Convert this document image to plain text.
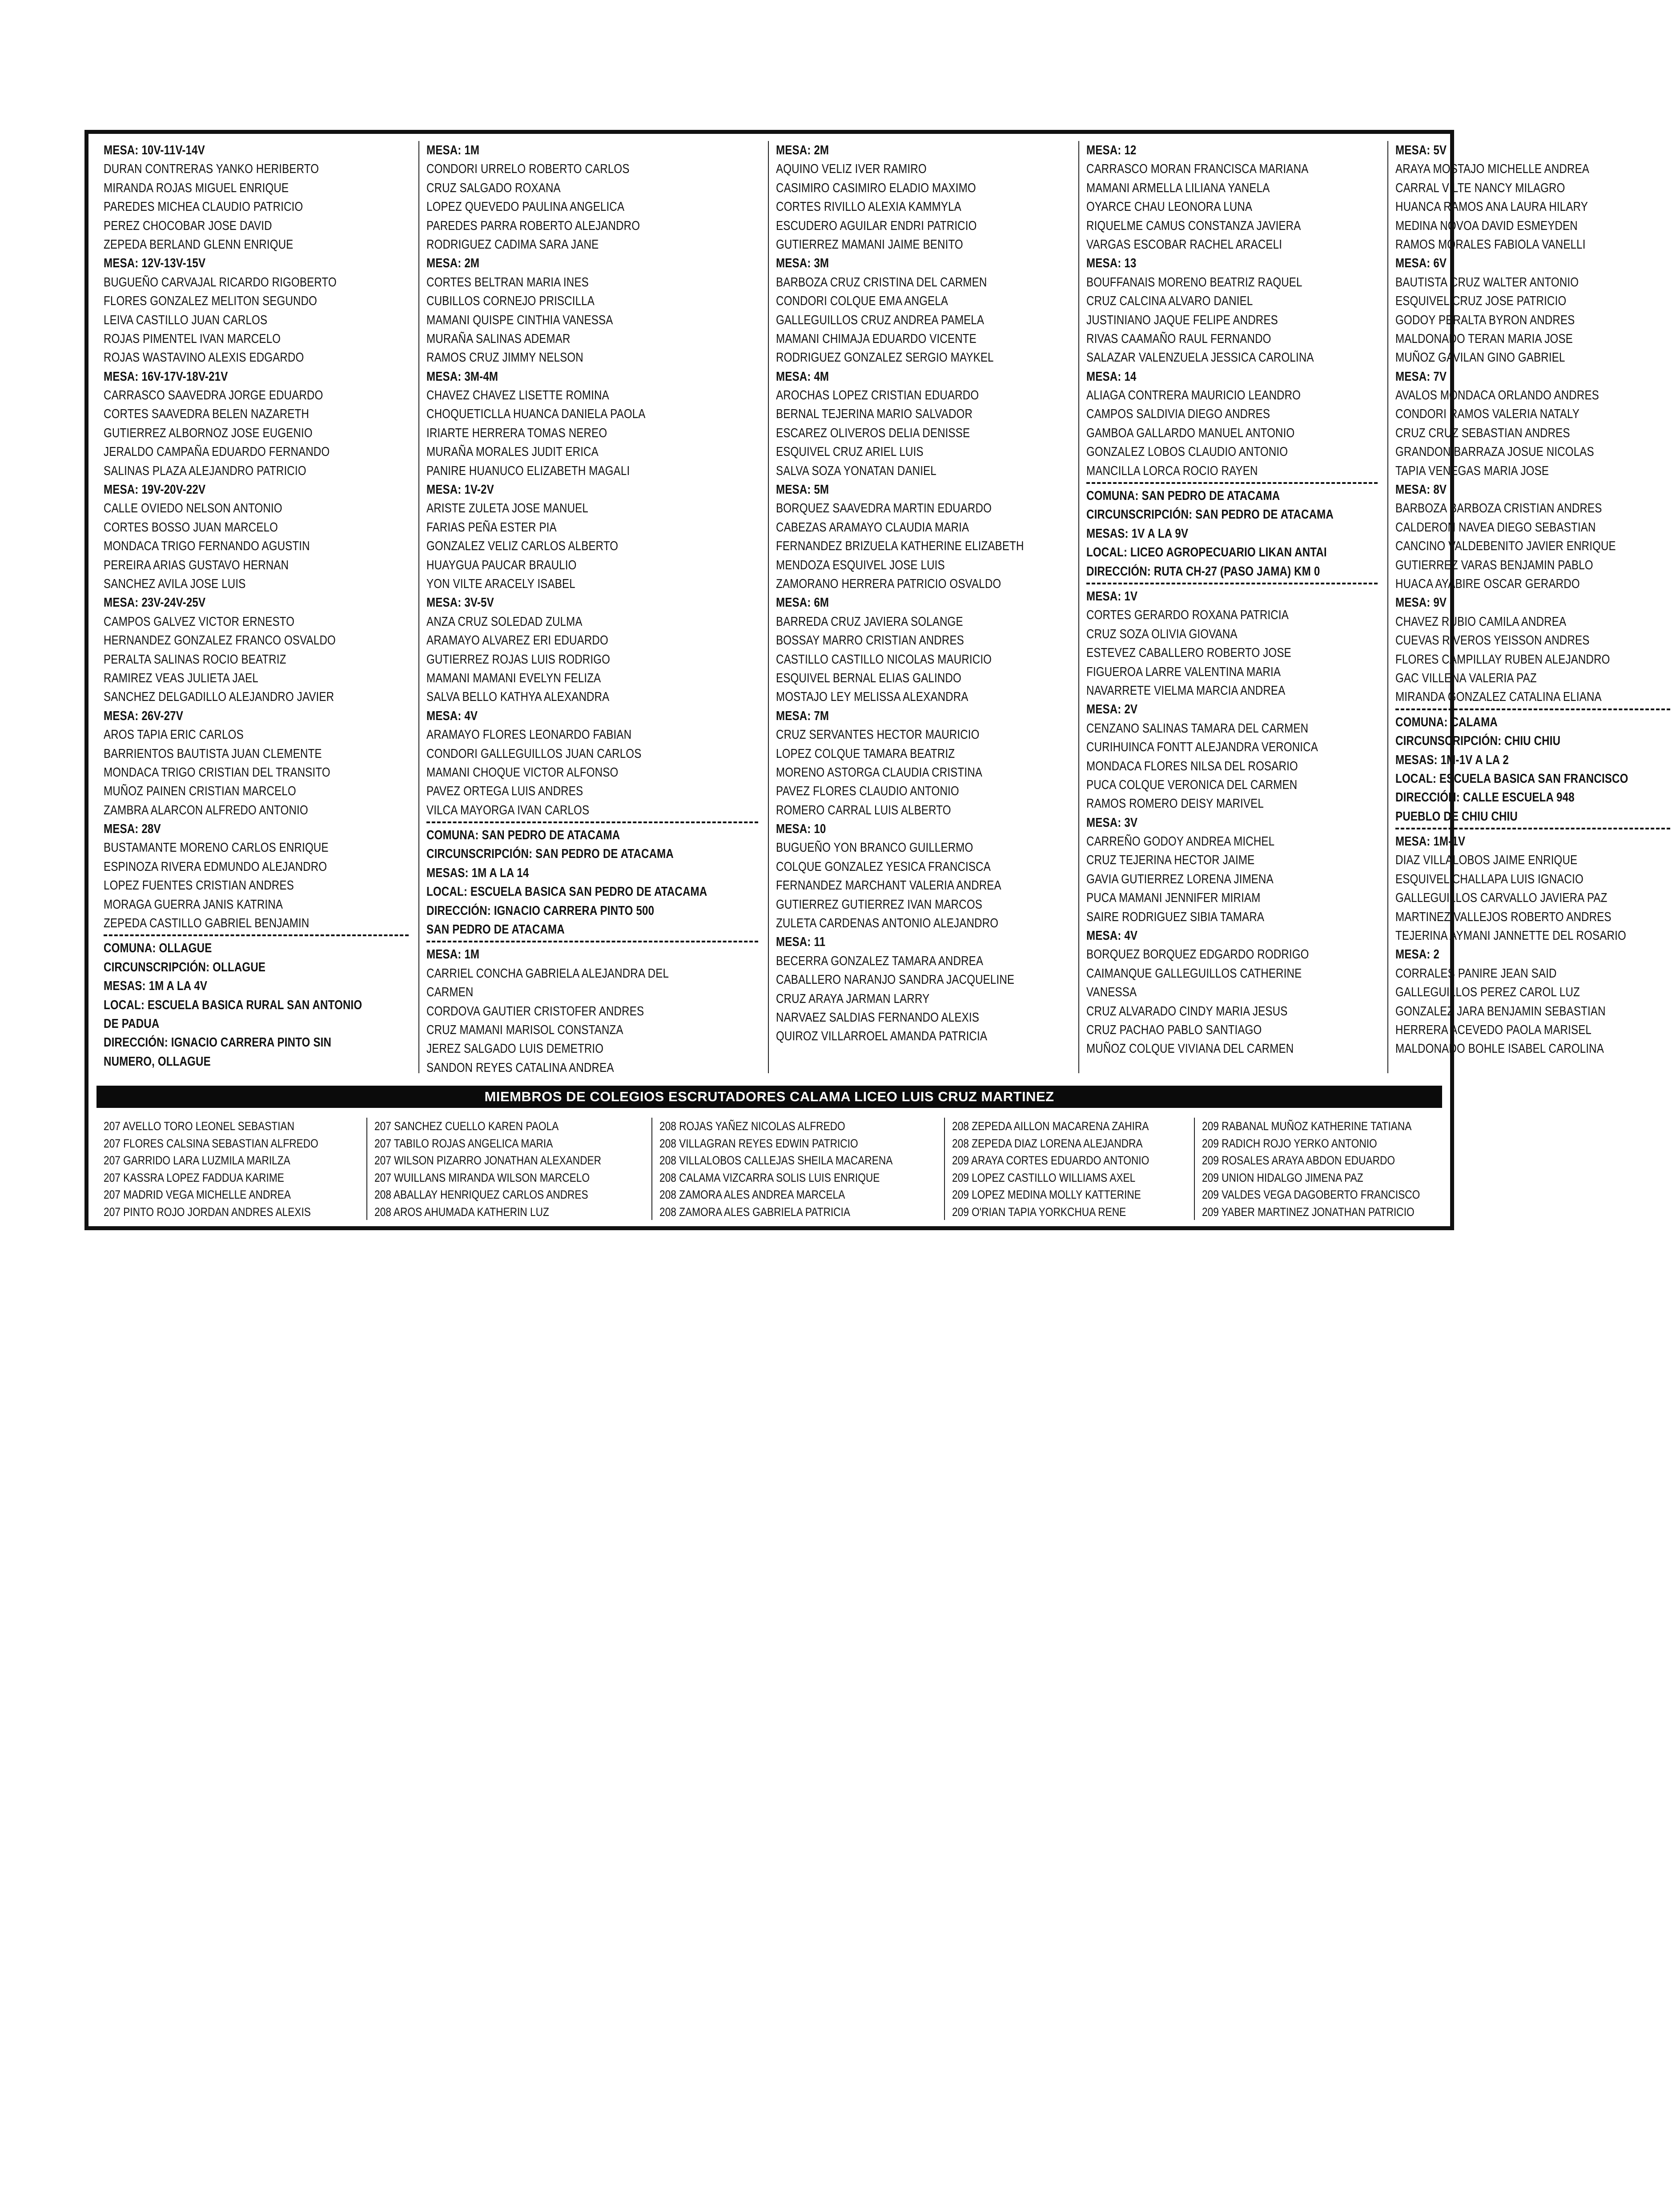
MESA: 10V-11V-14V
DURAN CONTRERAS YANKO HERIBERTO
MIRANDA ROJAS MIGUEL ENRIQUE
PAREDES MICHEA CLAUDIO PATRICIO
PEREZ CHOCOBAR JOSE DAVID
ZEPEDA BERLAND GLENN ENRIQUE
MESA: 12V-13V-15V
BUGUEÑO CARVAJAL RICARDO RIGOBERTO
FLORES GONZALEZ MELITON SEGUNDO
LEIVA CASTILLO JUAN CARLOS
ROJAS PIMENTEL IVAN MARCELO
ROJAS WASTAVINO ALEXIS EDGARDO
MESA: 16V-17V-18V-21V
CARRASCO SAAVEDRA JORGE EDUARDO
CORTES SAAVEDRA BELEN NAZARETH
GUTIERREZ ALBORNOZ JOSE EUGENIO
JERALDO CAMPAÑA EDUARDO FERNANDO
SALINAS PLAZA ALEJANDRO PATRICIO
MESA: 19V-20V-22V
CALLE OVIEDO NELSON ANTONIO
CORTES BOSSO JUAN MARCELO
MONDACA TRIGO FERNANDO AGUSTIN
PEREIRA ARIAS GUSTAVO HERNAN
SANCHEZ AVILA JOSE LUIS
MESA: 23V-24V-25V
CAMPOS GALVEZ VICTOR ERNESTO
HERNANDEZ GONZALEZ FRANCO OSVALDO
PERALTA SALINAS ROCIO BEATRIZ
RAMIREZ VEAS JULIETA JAEL
SANCHEZ DELGADILLO ALEJANDRO JAVIER
MESA: 26V-27V
AROS TAPIA ERIC CARLOS
BARRIENTOS BAUTISTA JUAN CLEMENTE
MONDACA TRIGO CRISTIAN DEL TRANSITO
MUÑOZ PAINEN CRISTIAN MARCELO
ZAMBRA ALARCON ALFREDO ANTONIO
MESA: 28V
BUSTAMANTE MORENO CARLOS ENRIQUE
ESPINOZA RIVERA EDMUNDO ALEJANDRO
LOPEZ FUENTES CRISTIAN ANDRES
MORAGA GUERRA JANIS KATRINA
ZEPEDA CASTILLO GABRIEL BENJAMIN
COMUNA: OLLAGUE
CIRCUNSCRIPCIÓN: OLLAGUE
MESAS: 1M A LA 4V
LOCAL: ESCUELA BASICA RURAL SAN ANTONIO
DE PADUA
DIRECCIÓN: IGNACIO CARRERA PINTO SIN
NUMERO, OLLAGUE
MESA: 1M
CONDORI URRELO ROBERTO CARLOS
CRUZ SALGADO ROXANA
LOPEZ QUEVEDO PAULINA ANGELICA
PAREDES PARRA ROBERTO ALEJANDRO
RODRIGUEZ CADIMA SARA JANE
MESA: 2M
CORTES BELTRAN MARIA INES
CUBILLOS CORNEJO PRISCILLA
MAMANI QUISPE CINTHIA VANESSA
MURAÑA SALINAS ADEMAR
RAMOS CRUZ JIMMY NELSON
MESA: 3M-4M
CHAVEZ CHAVEZ LISETTE ROMINA
CHOQUETICLLA HUANCA DANIELA PAOLA
IRIARTE HERRERA TOMAS NEREO
MURAÑA MORALES JUDIT ERICA
PANIRE HUANUCO ELIZABETH MAGALI
MESA: 1V-2V
ARISTE ZULETA JOSE MANUEL
FARIAS PEÑA ESTER PIA
GONZALEZ VELIZ CARLOS ALBERTO
HUAYGUA PAUCAR BRAULIO
YON VILTE ARACELY ISABEL
MESA: 3V-5V
ANZA CRUZ SOLEDAD ZULMA
ARAMAYO ALVAREZ ERI EDUARDO
GUTIERREZ ROJAS LUIS RODRIGO
MAMANI MAMANI EVELYN FELIZA
SALVA BELLO KATHYA ALEXANDRA
MESA: 4V
ARAMAYO FLORES LEONARDO FABIAN
CONDORI GALLEGUILLOS JUAN CARLOS
MAMANI CHOQUE VICTOR ALFONSO
PAVEZ ORTEGA LUIS ANDRES
VILCA MAYORGA IVAN CARLOS
COMUNA: SAN PEDRO DE ATACAMA
CIRCUNSCRIPCIÓN: SAN PEDRO DE ATACAMA
MESAS: 1M A LA 14
LOCAL: ESCUELA BASICA SAN PEDRO DE ATACAMA
DIRECCIÓN: IGNACIO CARRERA PINTO 500
SAN PEDRO DE ATACAMA
MESA: 1M
CARRIEL CONCHA GABRIELA ALEJANDRA DEL
CARMEN
CORDOVA GAUTIER CRISTOFER ANDRES
CRUZ MAMANI MARISOL CONSTANZA
JEREZ SALGADO LUIS DEMETRIO
SANDON REYES CATALINA ANDREA
MESA: 2M
AQUINO VELIZ IVER RAMIRO
CASIMIRO CASIMIRO ELADIO MAXIMO
CORTES RIVILLO ALEXIA KAMMYLA
ESCUDERO AGUILAR ENDRI PATRICIO
GUTIERREZ MAMANI JAIME BENITO
MESA: 3M
BARBOZA CRUZ CRISTINA DEL CARMEN
CONDORI COLQUE EMA ANGELA
GALLEGUILLOS CRUZ ANDREA PAMELA
MAMANI CHIMAJA EDUARDO VICENTE
RODRIGUEZ GONZALEZ SERGIO MAYKEL
MESA: 4M
AROCHAS LOPEZ CRISTIAN EDUARDO
BERNAL TEJERINA MARIO SALVADOR
ESCAREZ OLIVEROS DELIA DENISSE
ESQUIVEL CRUZ ARIEL LUIS
SALVA SOZA YONATAN DANIEL
MESA: 5M
BORQUEZ SAAVEDRA MARTIN EDUARDO
CABEZAS ARAMAYO CLAUDIA MARIA
FERNANDEZ BRIZUELA KATHERINE ELIZABETH
MENDOZA ESQUIVEL JOSE LUIS
ZAMORANO HERRERA PATRICIO OSVALDO
MESA: 6M
BARREDA CRUZ JAVIERA SOLANGE
BOSSAY MARRO CRISTIAN ANDRES
CASTILLO CASTILLO NICOLAS MAURICIO
ESQUIVEL BERNAL ELIAS GALINDO
MOSTAJO LEY MELISSA ALEXANDRA
MESA: 7M
CRUZ SERVANTES HECTOR MAURICIO
LOPEZ COLQUE TAMARA BEATRIZ
MORENO ASTORGA CLAUDIA CRISTINA
PAVEZ FLORES CLAUDIO ANTONIO
ROMERO CARRAL LUIS ALBERTO
MESA: 10
BUGUEÑO YON BRANCO GUILLERMO
COLQUE GONZALEZ YESICA FRANCISCA
FERNANDEZ MARCHANT VALERIA ANDREA
GUTIERREZ GUTIERREZ IVAN MARCOS
ZULETA CARDENAS ANTONIO ALEJANDRO
MESA: 11
BECERRA GONZALEZ TAMARA ANDREA
CABALLERO NARANJO SANDRA JACQUELINE
CRUZ ARAYA JARMAN LARRY
NARVAEZ SALDIAS FERNANDO ALEXIS
QUIROZ VILLARROEL AMANDA PATRICIA
MESA: 12
CARRASCO MORAN FRANCISCA MARIANA
MAMANI ARMELLA LILIANA YANELA
OYARCE CHAU LEONORA LUNA
RIQUELME CAMUS CONSTANZA JAVIERA
VARGAS ESCOBAR RACHEL ARACELI
MESA: 13
BOUFFANAIS MORENO BEATRIZ RAQUEL
CRUZ CALCINA ALVARO DANIEL
JUSTINIANO JAQUE FELIPE ANDRES
RIVAS CAAMAÑO RAUL FERNANDO
SALAZAR VALENZUELA JESSICA CAROLINA
MESA: 14
ALIAGA CONTRERA MAURICIO LEANDRO
CAMPOS SALDIVIA DIEGO ANDRES
GAMBOA GALLARDO MANUEL ANTONIO
GONZALEZ LOBOS CLAUDIO ANTONIO
MANCILLA LORCA ROCIO RAYEN
COMUNA: SAN PEDRO DE ATACAMA
CIRCUNSCRIPCIÓN: SAN PEDRO DE ATACAMA
MESAS: 1V A LA 9V
LOCAL: LICEO AGROPECUARIO LIKAN ANTAI
DIRECCIÓN: RUTA CH-27 (PASO JAMA) KM 0
MESA: 1V
CORTES GERARDO ROXANA PATRICIA
CRUZ SOZA OLIVIA GIOVANA
ESTEVEZ CABALLERO ROBERTO JOSE
FIGUEROA LARRE VALENTINA MARIA
NAVARRETE VIELMA MARCIA ANDREA
MESA: 2V
CENZANO SALINAS TAMARA DEL CARMEN
CURIHUINCA FONTT ALEJANDRA VERONICA
MONDACA FLORES NILSA DEL ROSARIO
PUCA COLQUE VERONICA DEL CARMEN
RAMOS ROMERO DEISY MARIVEL
MESA: 3V
CARREÑO GODOY ANDREA MICHEL
CRUZ TEJERINA HECTOR JAIME
GAVIA GUTIERREZ LORENA JIMENA
PUCA MAMANI JENNIFER MIRIAM
SAIRE RODRIGUEZ SIBIA TAMARA
MESA: 4V
BORQUEZ BORQUEZ EDGARDO RODRIGO
CAIMANQUE GALLEGUILLOS CATHERINE
VANESSA
CRUZ ALVARADO CINDY MARIA JESUS
CRUZ PACHAO PABLO SANTIAGO
MUÑOZ COLQUE VIVIANA DEL CARMEN
MESA: 5V
ARAYA MOSTAJO MICHELLE ANDREA
CARRAL VILTE NANCY MILAGRO
HUANCA RAMOS ANA LAURA HILARY
MEDINA NOVOA DAVID ESMEYDEN
RAMOS MORALES FABIOLA VANELLI
MESA: 6V
BAUTISTA CRUZ WALTER ANTONIO
ESQUIVEL CRUZ JOSE PATRICIO
GODOY PERALTA BYRON ANDRES
MALDONADO TERAN MARIA JOSE
MUÑOZ GAVILAN GINO GABRIEL
MESA: 7V
AVALOS MONDACA ORLANDO ANDRES
CONDORI RAMOS VALERIA NATALY
CRUZ CRUZ SEBASTIAN ANDRES
GRANDON BARRAZA JOSUE NICOLAS
TAPIA VENEGAS MARIA JOSE
MESA: 8V
BARBOZA BARBOZA CRISTIAN ANDRES
CALDERON NAVEA DIEGO SEBASTIAN
CANCINO VALDEBENITO JAVIER ENRIQUE
GUTIERREZ VARAS BENJAMIN PABLO
HUACA AYABIRE OSCAR GERARDO
MESA: 9V
CHAVEZ RUBIO CAMILA ANDREA
CUEVAS RIVEROS YEISSON ANDRES
FLORES CAMPILLAY RUBEN ALEJANDRO
GAC VILLENA VALERIA PAZ
MIRANDA GONZALEZ CATALINA ELIANA
COMUNA: CALAMA
CIRCUNSCRIPCIÓN: CHIU CHIU
MESAS: 1M-1V A LA 2
LOCAL: ESCUELA BASICA SAN FRANCISCO
DIRECCIÓN: CALLE ESCUELA 948
PUEBLO DE CHIU CHIU
MESA: 1M-1V
DIAZ VILLALOBOS JAIME ENRIQUE
ESQUIVEL CHALLAPA LUIS IGNACIO
GALLEGUILLOS CARVALLO JAVIERA PAZ
MARTINEZ VALLEJOS ROBERTO ANDRES
TEJERINA AYMANI JANNETTE DEL ROSARIO
MESA: 2
CORRALES PANIRE JEAN SAID
GALLEGUILLOS PEREZ CAROL LUZ
GONZALEZ JARA BENJAMIN SEBASTIAN
HERRERA ACEVEDO PAOLA MARISEL
MALDONADO BOHLE ISABEL CAROLINA
MIEMBROS DE COLEGIOS ESCRUTADORES CALAMA LICEO LUIS CRUZ MARTINEZ
207 AVELLO TORO LEONEL SEBASTIAN
207 FLORES CALSINA SEBASTIAN ALFREDO
207 GARRIDO LARA LUZMILA MARILZA
207 KASSRA LOPEZ FADDUA KARIME
207 MADRID VEGA MICHELLE ANDREA
207 PINTO ROJO JORDAN ANDRES ALEXIS
207 SANCHEZ CUELLO KAREN PAOLA
207 TABILO ROJAS ANGELICA MARIA
207 WILSON PIZARRO JONATHAN ALEXANDER
207 WUILLANS MIRANDA WILSON MARCELO
208 ABALLAY HENRIQUEZ CARLOS ANDRES
208 AROS AHUMADA KATHERIN LUZ
208 ROJAS YAÑEZ NICOLAS ALFREDO
208 VILLAGRAN REYES EDWIN PATRICIO
208 VILLALOBOS CALLEJAS SHEILA MACARENA
208 CALAMA VIZCARRA SOLIS LUIS ENRIQUE
208 ZAMORA ALES ANDREA MARCELA
208 ZAMORA ALES GABRIELA PATRICIA
208 ZEPEDA AILLON MACARENA ZAHIRA
208 ZEPEDA DIAZ LORENA ALEJANDRA
209 ARAYA CORTES EDUARDO ANTONIO
209 LOPEZ CASTILLO WILLIAMS AXEL
209 LOPEZ MEDINA MOLLY KATTERINE
209 O'RIAN TAPIA YORKCHUA RENE
209 RABANAL MUÑOZ KATHERINE TATIANA
209 RADICH ROJO YERKO ANTONIO
209 ROSALES ARAYA ABDON EDUARDO
209 UNION HIDALGO JIMENA PAZ
209 VALDES VEGA DAGOBERTO FRANCISCO
209 YABER MARTINEZ JONATHAN PATRICIO
